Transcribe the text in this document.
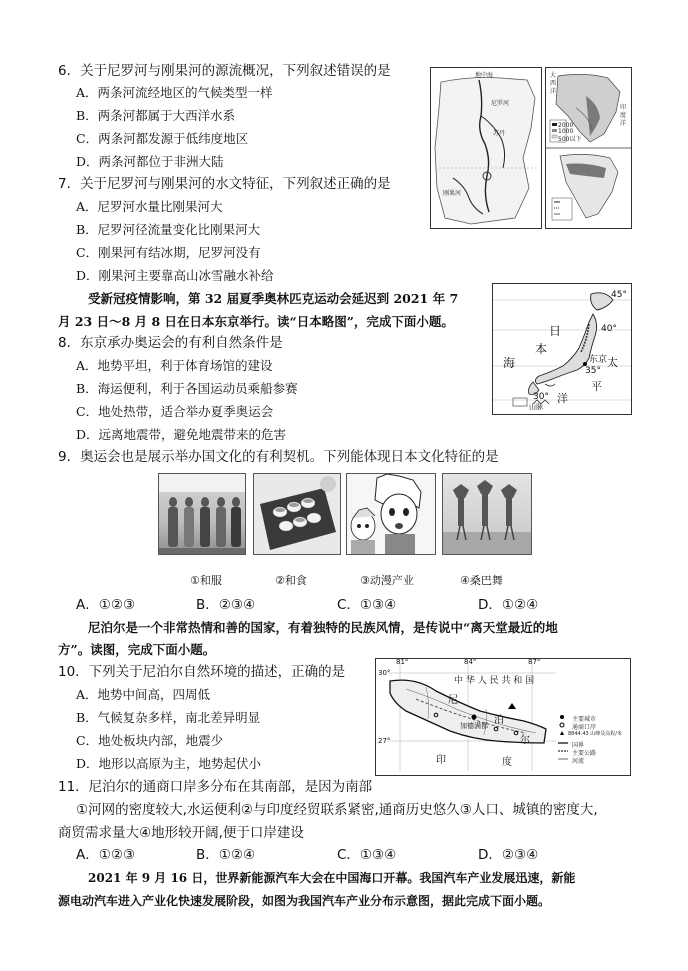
6．关于尼罗河与刚果河的源流概况，下列叙述错误的是
A．两条河流经地区的气候类型一样
B．两条河都属于大西洋水系
C．两条河都发源于低纬度地区
D．两条河都位于非洲大陆
7．关于尼罗河与刚果河的水文特征，下列叙述正确的是
A．尼罗河水量比刚果河大
B．尼罗河径流量变化比刚果河大
C．刚果河有结冰期，尼罗河没有
D．刚果河主要靠高山冰雪融水补给
地中海
尼罗河
苏丹
刚果河
大
西
洋
印
度
洋
2000
1000
500以下
受新冠疫情影响，第 32 届夏季奥林匹克运动会延迟到 2021 年 7
月 23 日～8 月 8 日在日本东京举行。读“日本略图”，完成下面小题。
8．东京承办奥运会的有利自然条件是
A．地势平坦，利于体育场馆的建设
B．海运便利，利于各国运动员乘船参赛
C．地处热带，适合举办夏季奥运会
D．远离地震带，避免地震带来的危害
日
本
海	太
平
洋
东京
山脉
45°
40°
35°
30°
9．奥运会也是展示举办国文化的有利契机。下列能体现日本文化特征的是
①和服	②和食	③动漫产业	④桑巴舞
A．①②③	B．②③④	C．①③④	D．①②④
尼泊尔是一个非常热情和善的国家，有着独特的民族风情，是传说中“离天堂最近的地
方”。读图，完成下面小题。
10．下列关于尼泊尔自然环境的描述，正确的是
A．地势中间高，四周低
B．气候复杂多样，南北差异明显
C．地处板块内部，地震少
D．地形以高原为主，地势起伏小
81°	84°	87°
30°
27°
中 华 人 民 共 和 国
尼
泊
尔
印	度
加德满都
主要城市
通商口岸
8844.43 山峰及高程/米
国界
主要公路
河流
11．尼泊尔的通商口岸多分布在其南部，是因为南部
①河网的密度较大,水运便利②与印度经贸联系紧密,通商历史悠久③人口、城镇的密度大,
商贸需求量大④地形较开阔,便于口岸建设
A．①②③	B．①②④	C．①③④	D．②③④
2021 年 9 月 16 日，世界新能源汽车大会在中国海口开幕。我国汽车产业发展迅速，新能
源电动汽车进入产业化快速发展阶段，如图为我国汽车产业分布示意图，据此完成下面小题。
